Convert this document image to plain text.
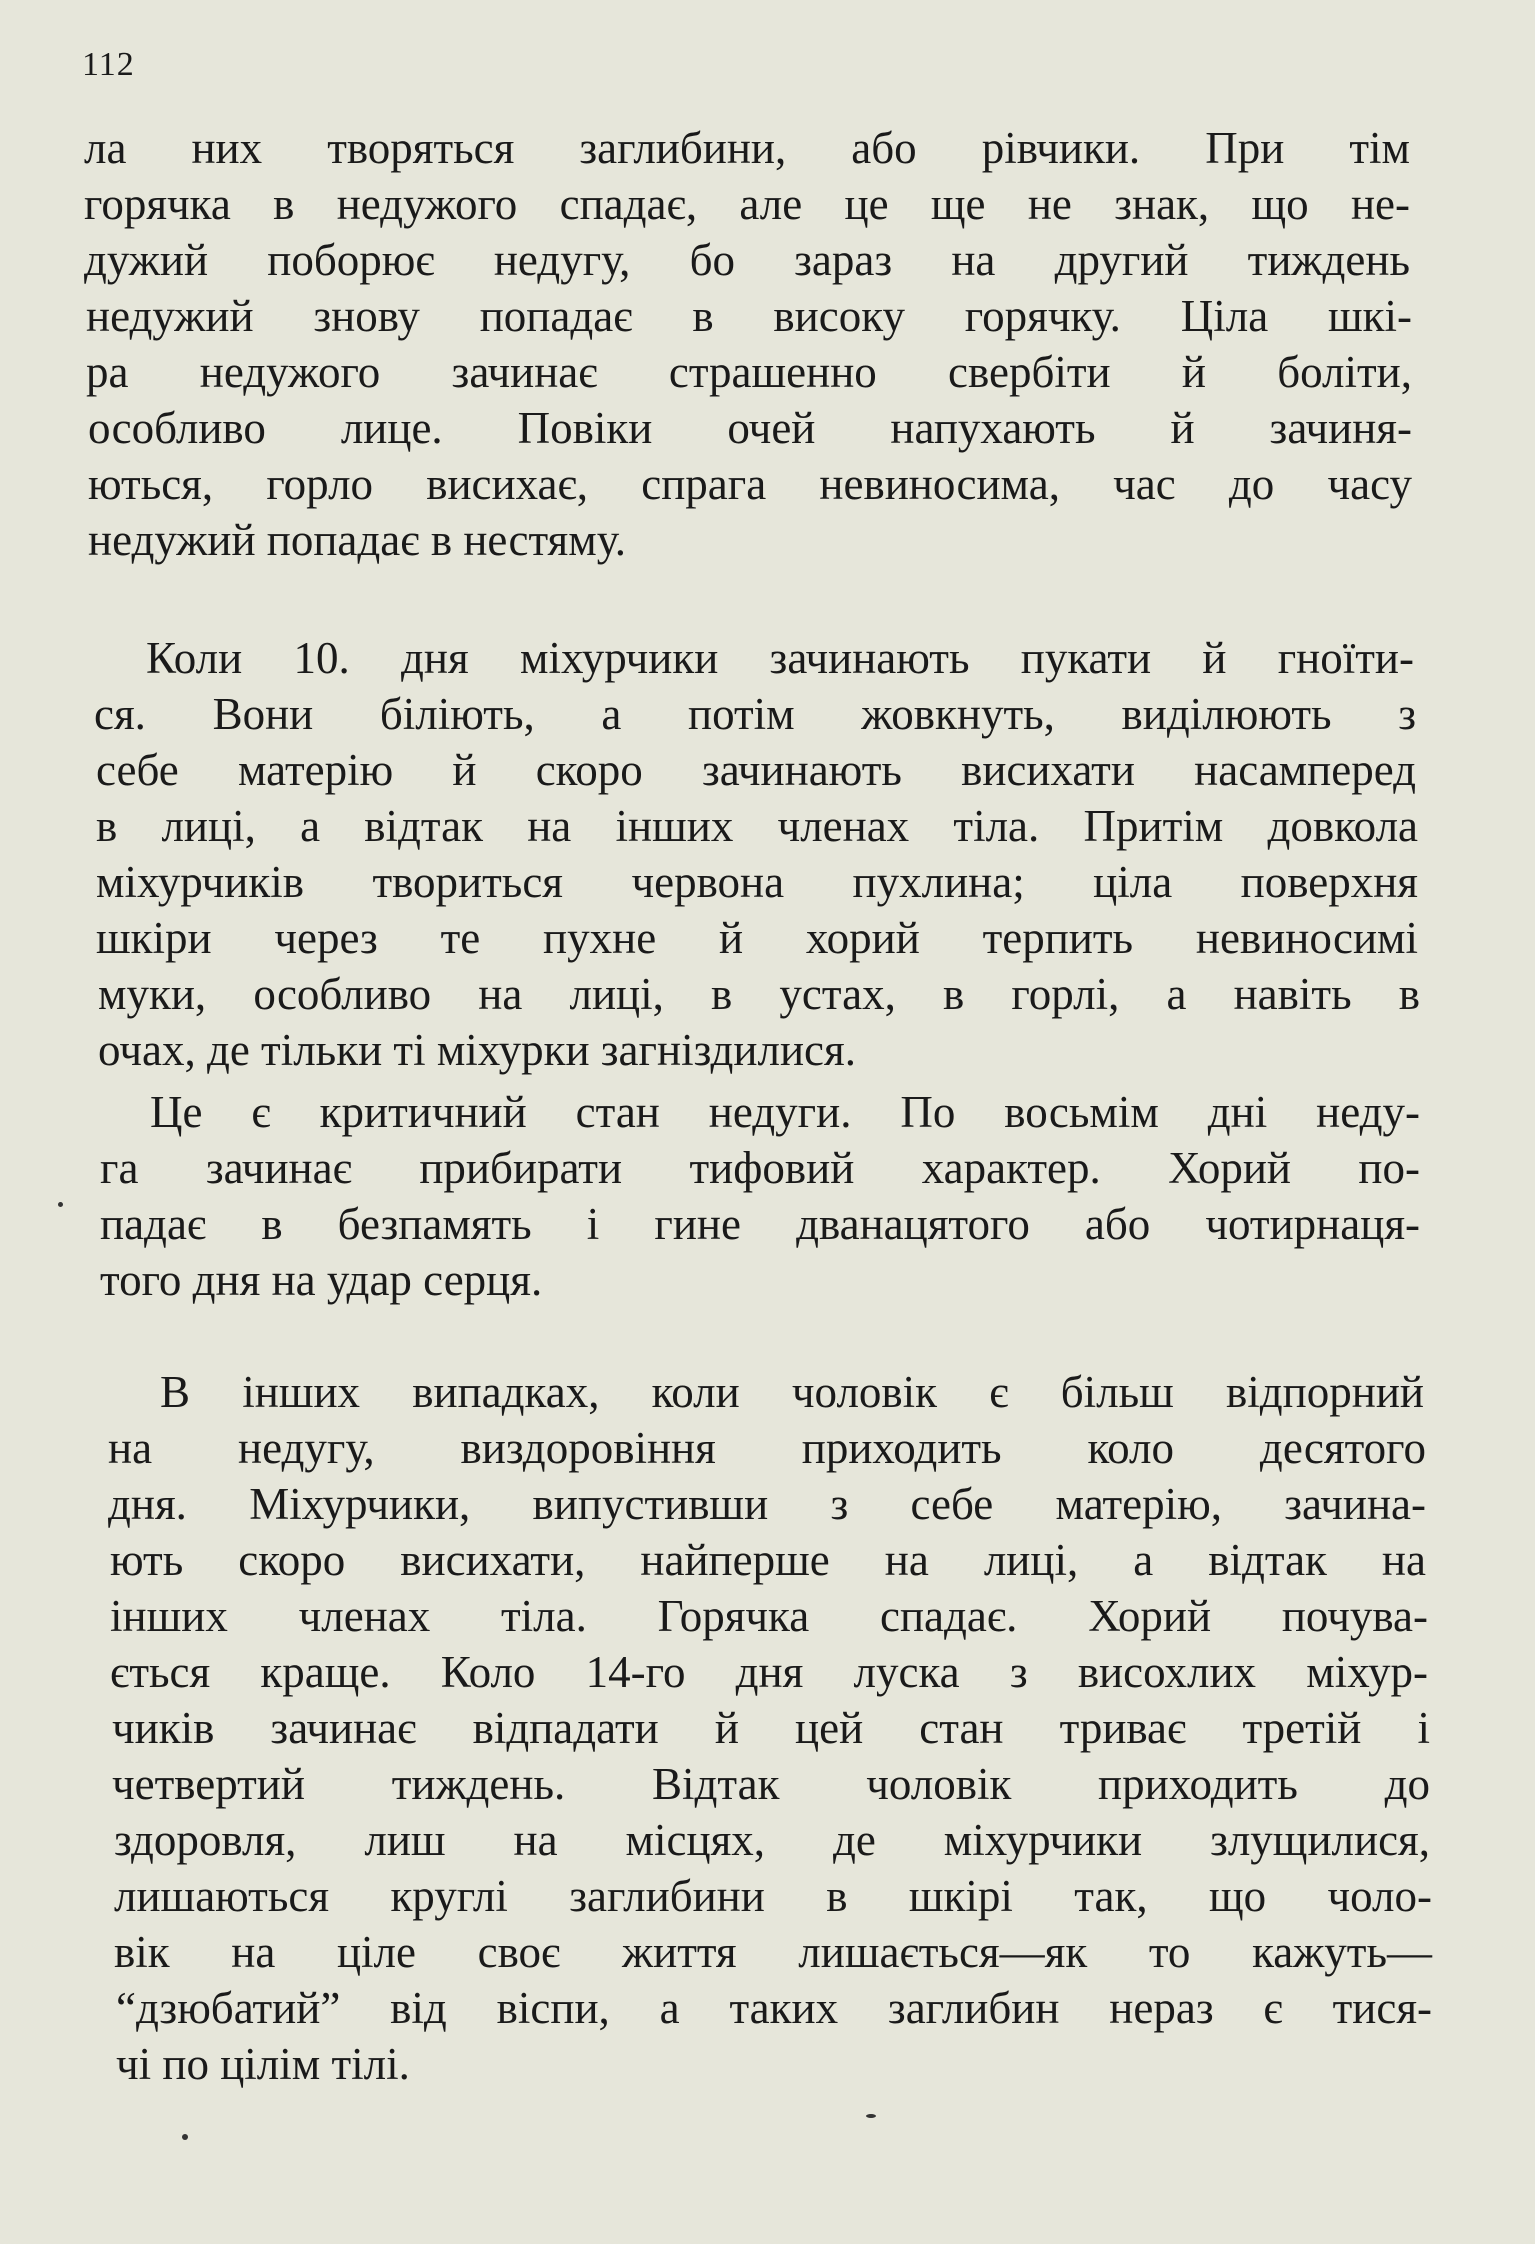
112
ла них творяться заглибини, або рівчики. При тім
горячка в недужого спадає, але це ще не знак, що не-
дужий поборює недугу, бо зараз на другий тиждень
недужий знову попадає в високу горячку. Ціла шкі-
ра недужого зачинає страшенно свербіти й боліти,
особливо лице. Повіки очей напухають й зачиня-
ються, горло висихає, спрага невиносима, час до часу
недужий попадає в нестяму.
Коли 10. дня міхурчики зачинають пукати й гноїти-
ся. Вони біліють, а потім жовкнуть, виділюють з
себе матерію й скоро зачинають висихати насамперед
в лиці, а відтак на інших членах тіла. Притім довкола
міхурчиків твориться червона пухлина; ціла поверхня
шкіри через те пухне й хорий терпить невиносимі
муки, особливо на лиці, в устах, в горлі, а навіть в
очах, де тільки ті міхурки загніздилися.
Це є критичний стан недуги. По восьмім дні неду-
га зачинає прибирати тифовий характер. Хорий по-
падає в безпамять і гине дванацятого або чотирнаця-
того дня на удар серця.
В інших випадках, коли чоловік є більш відпорний
на недугу, виздоровіння приходить коло десятого
дня. Міхурчики, випустивши з себе матерію, зачина-
ють скоро висихати, найперше на лиці, а відтак на
інших членах тіла. Горячка спадає. Хорий почува-
ється краще. Коло 14-го дня луска з висохлих міхур-
чиків зачинає відпадати й цей стан триває третій і
четвертий тиждень. Відтак чоловік приходить до
здоровля, лиш на місцях, де міхурчики злущилися,
лишаються круглі заглибини в шкірі так, що чоло-
вік на ціле своє життя лишається—як то кажуть—
“дзюбатий” від віспи, а таких заглибин нераз є тися-
чі по цілім тілі.
